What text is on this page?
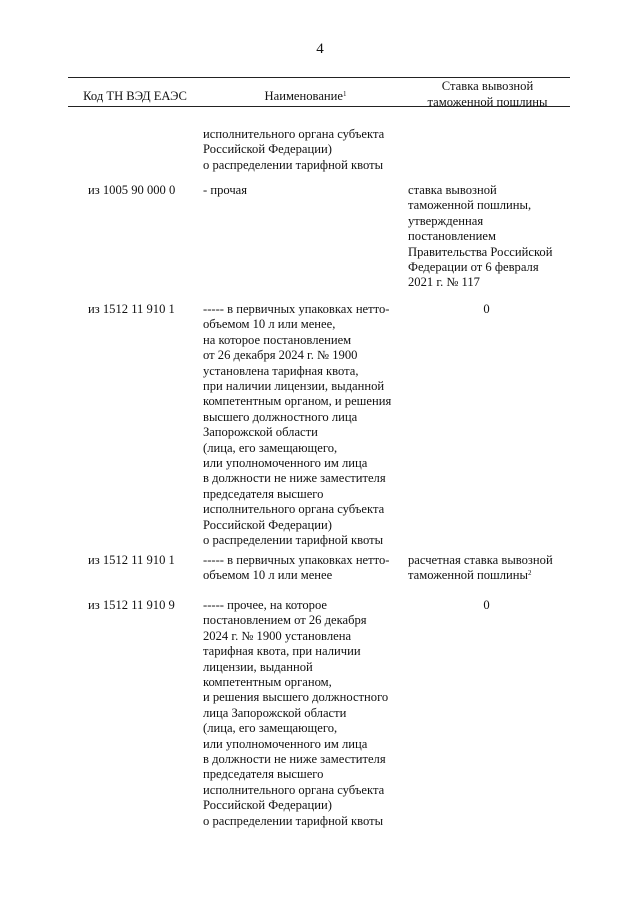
4
Код ТН ВЭД ЕАЭС	Наименование$^1$
Ставка вывозной
таможенной пошлины
исполнительного органа субъекта
Российской Федерации)
о распределении тарифной квоты
из 1005 90 000 0 - прочая	ставка вывозной
таможенной пошлины,
утвержденная
постановлением
Правительства Российской
Федерации от 6 февраля
2021 г. № 117
из 1512 11 910 1 ----- в первичных упаковках нетто-
объемом 10 л или менее,
на которое постановлением
от 26 декабря 2024 г. № 1900
установлена тарифная квота,
при наличии лицензии, выданной
компетентным органом, и решения
высшего должностного лица
Запорожской области
(лица, его замещающего,
или уполномоченного им лица
в должности не ниже заместителя
председателя высшего
исполнительного органа субъекта
Российской Федерации)
о распределении тарифной квоты
0
из 1512 11 910 1 ----- в первичных упаковках нетто-
объемом 10 л или менее
расчетная ставка вывозной
таможенной пошлины$^2$
из 1512 11 910 9 ----- прочее, на которое
постановлением от 26 декабря
2024 г. № 1900 установлена
тарифная квота, при наличии
лицензии, выданной
компетентным органом,
и решения высшего должностного
лица Запорожской области
(лица, его замещающего,
или уполномоченного им лица
в должности не ниже заместителя
председателя высшего
исполнительного органа субъекта
Российской Федерации)
о распределении тарифной квоты
0
